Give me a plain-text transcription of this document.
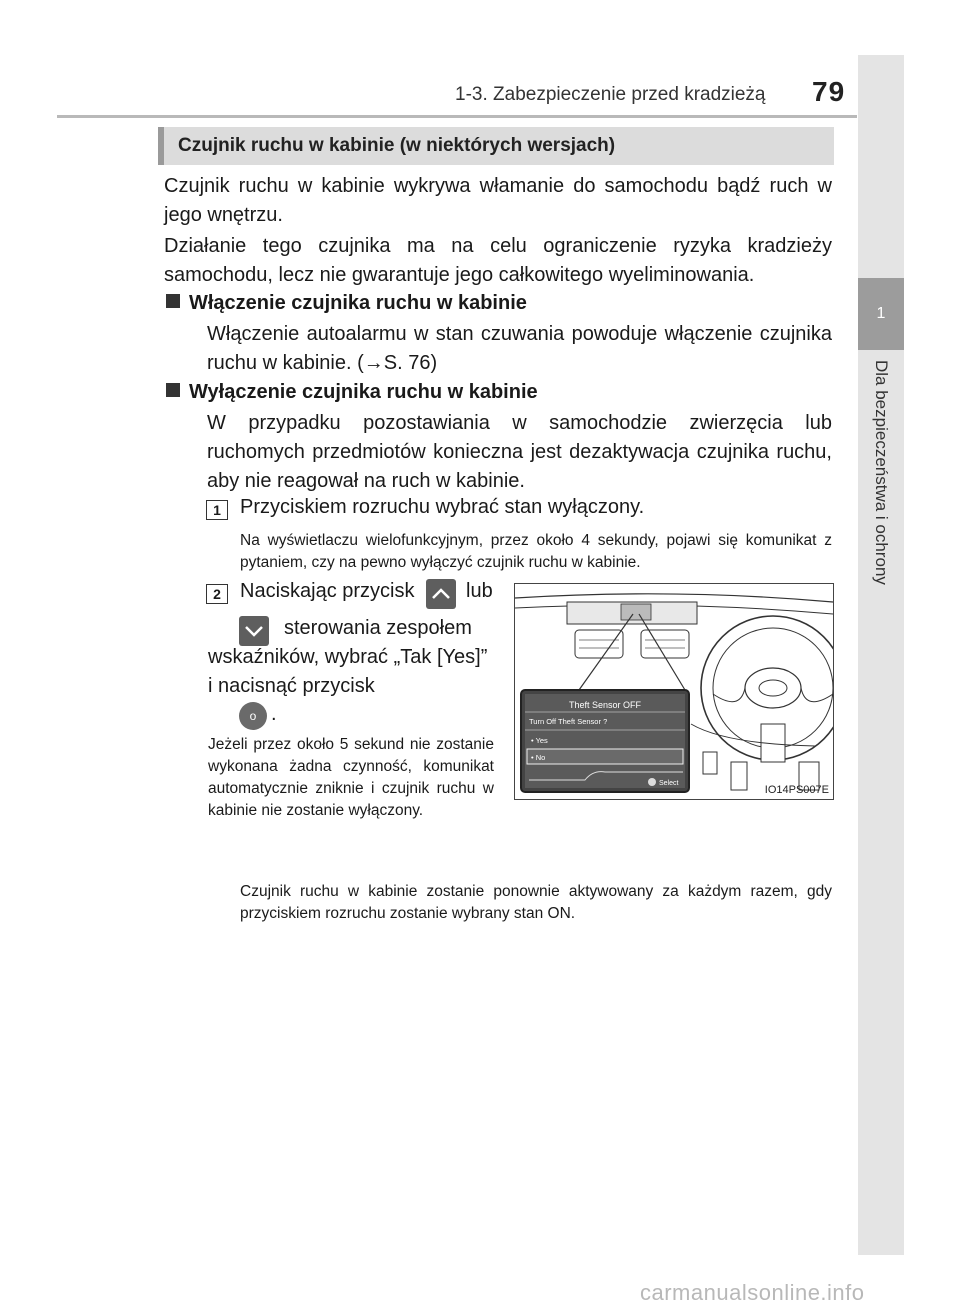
1-3. Zabezpieczenie przed kradzieżą 79
1
Dla bezpieczeństwa i ochrony
Czujnik ruchu w kabinie (w niektórych wersjach)
Czujnik ruchu w kabinie wykrywa włamanie do samochodu bądź ruch w jego wnętrzu.
Działanie tego czujnika ma na celu ograniczenie ryzyka kradzieży samochodu, lecz nie gwarantuje jego całkowitego wyeliminowania.
Włączenie czujnika ruchu w kabinie
Włączenie autoalarmu w stan czuwania powoduje włączenie czujnika ruchu w kabinie. (→S. 76)
Wyłączenie czujnika ruchu w kabinie
W przypadku pozostawiania w samochodzie zwierzęcia lub ruchomych przedmiotów konieczna jest dezaktywacja czujnika ruchu, aby nie reagował na ruch w kabinie.
1 Przyciskiem rozruchu wybrać stan wyłączony.
Na wyświetlaczu wielofunkcyjnym, przez około 4 sekundy, pojawi się komunikat z pytaniem, czy na pewno wyłączyć czujnik ruchu w kabinie.
2 Naciskając przycisk	lub
sterowania zespołem
wskaźników, wybrać „Tak [Yes]” i nacisnąć przycisk
o .
Jeżeli przez około 5 sekund nie zostanie wykonana żadna czynność, komunikat automatycznie zniknie i czujnik ruchu w kabinie nie zostanie wyłączony.
Theft Sensor OFF
Turn Off Theft Sensor ?
• Yes
• No
Select
IO14PS007E
Czujnik ruchu w kabinie zostanie ponownie aktywowany za każdym razem, gdy przyciskiem rozruchu zostanie wybrany stan ON.
carmanualsonline.info
